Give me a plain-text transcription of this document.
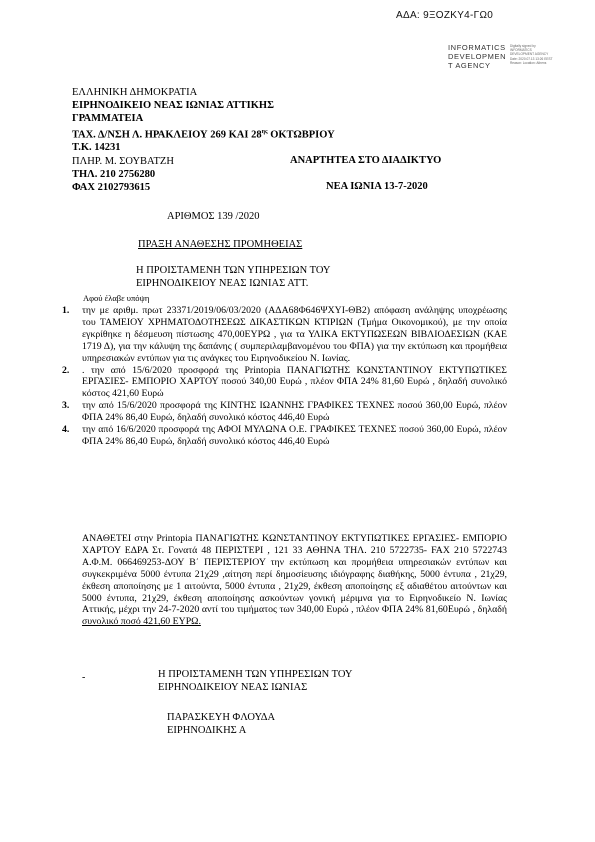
ΑΔΑ: 9ΞΟΖΚΥ4-ΓΩ0
INFORMATICS
DEVELOPMEN
T AGENCY
Digitally signed by INFORMATICS DEVELOPMENT AGENCY Date: 2020.07.13 13:26 EEST Reason: Location: Athens
ΕΛΛΗΝΙΚΗ ΔΗΜΟΚΡΑΤΙΑ
ΕΙΡΗΝΟΔΙΚΕΙΟ ΝΕΑΣ ΙΩΝΙΑΣ ΑΤΤΙΚΗΣ
ΓΡΑΜΜΑΤΕΙΑ
ΤΑΧ. Δ/ΝΣΗ Λ. ΗΡΑΚΛΕΙΟΥ 269 ΚΑΙ $28^{\eta\varsigma}$ ΟΚΤΩΒΡΙΟΥ
Τ.Κ. 14231
ΠΛΗΡ. Μ. ΣΟΥΒΑΤΖΗ
ΤΗΛ. 210 2756280
ΦΑΧ 2102793615
ΑΝΑΡΤΗΤΕΑ ΣΤΟ ΔΙΑΔΙΚΤΥΟ
ΝΕΑ ΙΩΝΙΑ 13-7-2020
ΑΡΙΘΜΟΣ 139 /2020
ΠΡΑΞΗ ΑΝΑΘΕΣΗΣ ΠΡΟΜΗΘΕΙΑΣ
Η ΠΡΟΙΣΤΑΜΕΝΗ ΤΩΝ ΥΠΗΡΕΣΙΩΝ ΤΟΥ
ΕΙΡΗΝΟΔΙΚΕΙΟΥ ΝΕΑΣ ΙΩΝΙΑΣ ΑΤΤ.
Αφού έλαβε υπόψη
1. την με αριθμ. πρωτ 23371/2019/06/03/2020 (ΑΔΑ68Φ646ΨΧΥΙ-ΘΒ2) απόφαση ανάληψης υποχρέωσης του ΤΑΜΕΙΟΥ ΧΡΗΜΑΤΟΔΟΤΗΣΕΩΣ ΔΙΚΑΣΤΙΚΩΝ ΚΤΙΡΙΩΝ (Τμήμα Οικονομικού), με την οποία εγκρίθηκε η δέσμευση πίστωσης 470,00ΕΥΡΩ , για τα ΥΛΙΚΑ ΕΚΤΥΠΩΣΕΩΝ ΒΙΒΛΙΟΔΕΣΙΩΝ (ΚΑΕ 1719 Δ), για την κάλυψη της δαπάνης ( συμπεριλαμβανομένου του ΦΠΑ) για την εκτύπωση και προμήθεια υπηρεσιακών εντύπων για τις ανάγκες του Ειρηνοδικείου Ν. Ιωνίας.
2. . την από 15/6/2020 προσφορά της Printopia ΠΑΝΑΓΙΩΤΗΣ ΚΩΝΣΤΑΝΤΙΝΟΥ ΕΚΤΥΠΩΤΙΚΕΣ ΕΡΓΑΣΙΕΣ- ΕΜΠΟΡΙΟ ΧΑΡΤΟΥ ποσού 340,00 Ευρώ , πλέον ΦΠΑ 24% 81,60 Ευρώ , δηλαδή συνολικό κόστος 421,60 Ευρώ
3. την από 15/6/2020 προσφορά της ΚΙΝΤΗΣ ΙΩΑΝΝΗΣ ΓΡΑΦΙΚΕΣ ΤΕΧΝΕΣ ποσού 360,00 Ευρώ, πλέον ΦΠΑ 24% 86,40 Ευρώ, δηλαδή συνολικό κόστος 446,40 Ευρώ
4. την από 16/6/2020 προσφορά της ΑΦΟΙ ΜΥΛΩΝΑ Ο.Ε. ΓΡΑΦΙΚΕΣ ΤΕΧΝΕΣ ποσού 360,00 Ευρώ, πλέον ΦΠΑ 24% 86,40 Ευρώ, δηλαδή συνολικό κόστος 446,40 Ευρώ
ΑΝΑΘΕΤΕΙ στην Printopia ΠΑΝΑΓΙΩΤΗΣ ΚΩΝΣΤΑΝΤΙΝΟΥ ΕΚΤΥΠΩΤΙΚΕΣ ΕΡΓΑΣΙΕΣ- ΕΜΠΟΡΙΟ ΧΑΡΤΟΥ ΕΔΡΑ Στ. Γονατά 48 ΠΕΡΙΣΤΕΡΙ , 121 33 ΑΘΗΝΑ ΤΗΛ. 210 5722735- FAX 210 5722743 Α.Φ.Μ. 066469253-ΔΟΥ Β΄ ΠΕΡΙΣΤΕΡΙΟΥ την εκτύπωση και προμήθεια υπηρεσιακών εντύπων και συγκεκριμένα 5000 έντυπα 21χ29 ,αίτηση περί δημοσίευσης ιδιόγραφης διαθήκης, 5000 έντυπα , 21χ29, έκθεση αποποίησης με 1 αιτούντα, 5000 έντυπα , 21χ29, έκθεση αποποίησης εξ αδιαθέτου αιτούντων και 5000 έντυπα, 21χ29, έκθεση αποποίησης ασκούντων γονική μέριμνα για το Ειρηνοδικείο Ν. Ιωνίας Αττικής, μέχρι την 24-7-2020 αντί του τιμήματος των 340,00 Ευρώ , πλέον ΦΠΑ 24% 81,60Ευρώ , δηλαδή συνολικό ποσό 421,60 ΕΥΡΩ.
-	Η ΠΡΟΙΣΤΑΜΕΝΗ ΤΩΝ ΥΠΗΡΕΣΙΩΝ ΤΟΥ
ΕΙΡΗΝΟΔΙΚΕΙΟΥ ΝΕΑΣ ΙΩΝΙΑΣ
ΠΑΡΑΣΚΕΥΗ ΦΛΟΥΔΑ
ΕΙΡΗΝΟΔΙΚΗΣ Α
